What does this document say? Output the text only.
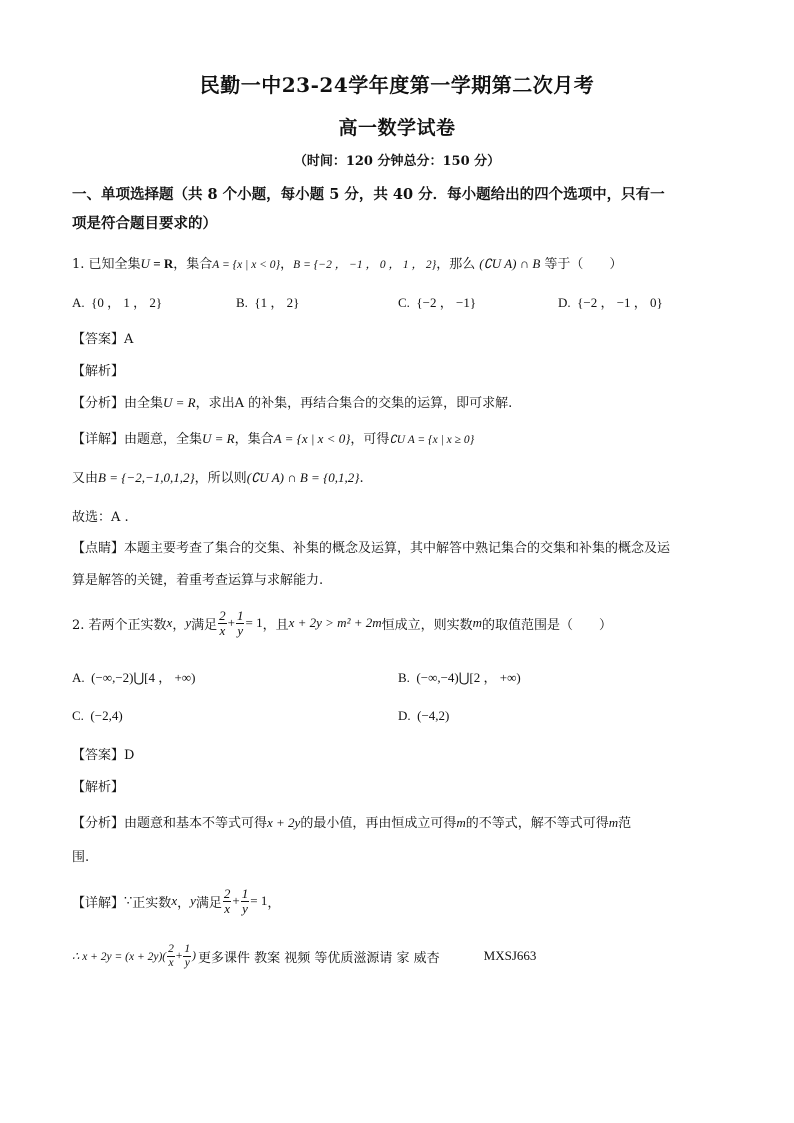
民勤一中23-24学年度第一学期第二次月考
高一数学试卷
（时间：120 分钟总分：150 分）
一、单项选择题（共 8 个小题，每小题 5 分，共 40 分．每小题给出的四个选项中，只有一
项是符合题目要求的）
1. 已知全集U = R，集合A = {x | x < 0}，B = {−2 ， −1 ， 0 ， 1 ， 2}，那么 (∁U A) ∩ B 等于（　　）
A. {0 ， 1 ， 2}	B. {1 ， 2}	C. {−2 ， −1}	D. {−2 ， −1 ， 0}
【答案】A
【解析】
【分析】由全集U = R，求出A 的补集，再结合集合的交集的运算，即可求解.
【详解】由题意，全集U = R，集合A = {x | x < 0}，可得∁U A = {x | x ≥ 0}
又由B = {−2,−1,0,1,2}，所以则(∁U A) ∩ B = {0,1,2}.
故选：A .
【点睛】本题主要考查了集合的交集、补集的概念及运算，其中解答中熟记集合的交集和补集的概念及运
算是解答的关键，着重考查运算与求解能力.
2. 若两个正实数 x ， y 满足 $\frac{2}{x} + \frac{1}{y} = 1$ ，且 x + 2y > m² + 2m 恒成立，则实数 m 的取值范围是（　　）
A. (−∞,−2)⋃[4 ， +∞)	B. (−∞,−4)⋃[2 ， +∞)
C. (−2,4)	D. (−4,2)
【答案】D
【解析】
【分析】由题意和基本不等式可得x + 2y的最小值，再由恒成立可得m的不等式，解不等式可得m范
围.
【详解】 ∵ 正实数 x ， y 满足 $\frac{2}{x} + \frac{1}{y} = 1$ ，
∴ $x + 2y = (x + 2y)( \frac{2}{x} + \frac{1}{y}$ ) 更多课件 教案 视频 等优质滋源请 家 威杏	MXSJ663
